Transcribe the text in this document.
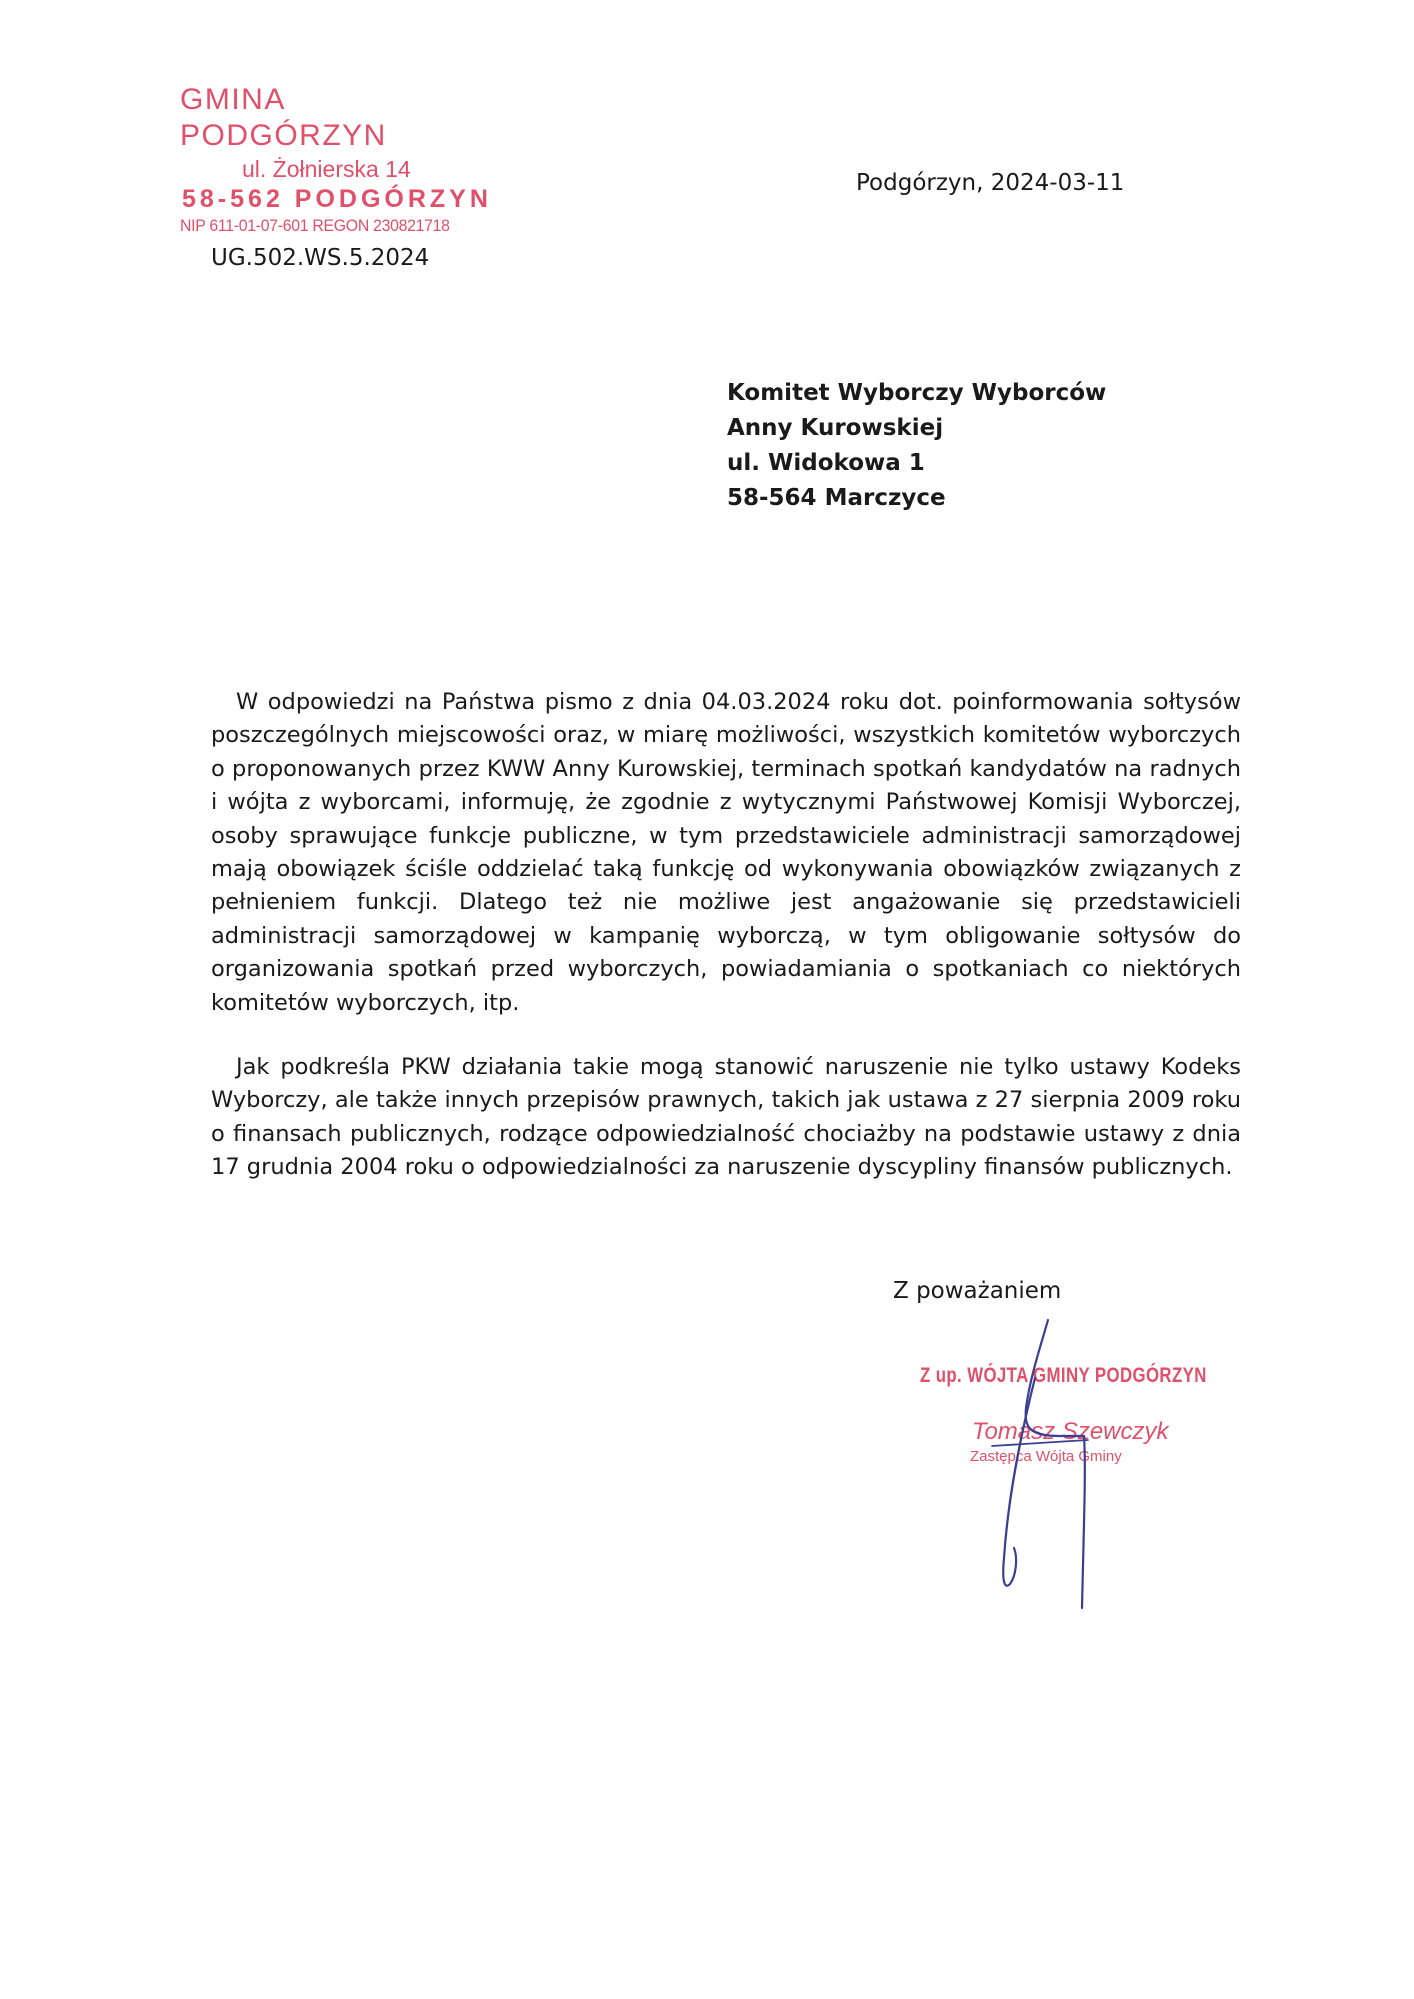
GMINA PODGÓRZYN
ul. Żołnierska 14
58-562 PODGÓRZYN
NIP 611-01-07-601 REGON 230821718
Podgórzyn, 2024-03-11
UG.502.WS.5.2024
Komitet Wyborczy Wyborców
Anny Kurowskiej
ul. Widokowa 1
58-564 Marczyce

W odpowiedzi na Państwa pismo z dnia 04.03.2024 roku dot. poinformowania sołtysów poszczególnych miejscowości oraz, w miarę możliwości, wszystkich komitetów wyborczych o proponowanych przez KWW Anny Kurowskiej, terminach spotkań kandydatów na radnych i wójta z wyborcami, informuję, że zgodnie z wytycznymi Państwowej Komisji Wyborczej, osoby sprawujące funkcje publiczne, w tym przedstawiciele administracji samorządowej mają obowiązek ściśle oddzielać taką funkcję od wykonywania obowiązków związanych z pełnieniem funkcji. Dlatego też nie możliwe jest angażowanie się przedstawicieli administracji samorządowej w kampanię wyborczą, w tym obligowanie sołtysów do organizowania spotkań przed wyborczych, powiadamiania o spotkaniach co niektórych komitetów wyborczych, itp.

Jak podkreśla PKW działania takie mogą stanowić naruszenie nie tylko ustawy Kodeks Wyborczy, ale także innych przepisów prawnych, takich jak ustawa z 27 sierpnia 2009 roku o finansach publicznych, rodzące odpowiedzialność chociażby na podstawie ustawy z dnia 17 grudnia 2004 roku o odpowiedzialności za naruszenie dyscypliny finansów publicznych.

Z poważaniem
Z up. WÓJTA GMINY PODGÓRZYN
Tomasz Szewczyk
Zastępca Wójta Gminy
